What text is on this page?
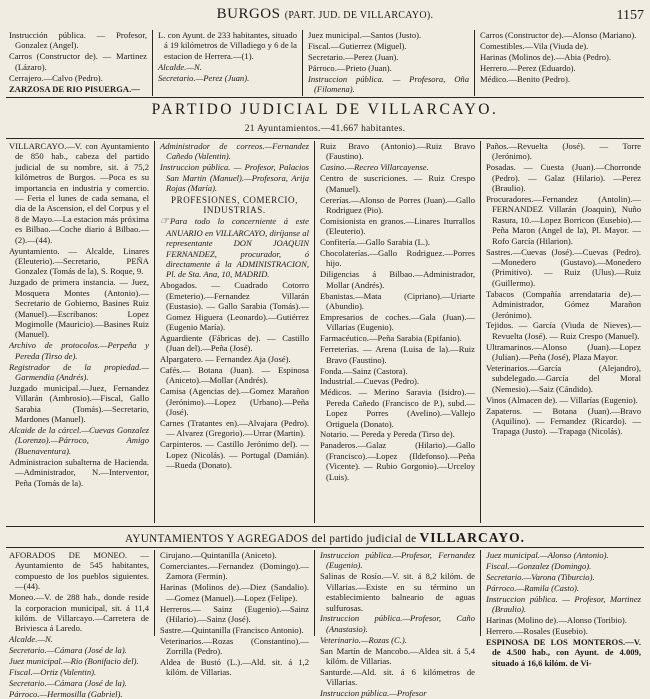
BURGOS (PART. JUD. DE VILLARCAYO).	1157

Instrucción pública. — Profesor, Gonzalez (Angel).

Carros (Constructor de). — Martinez (Lázaro).

Cerrajero.—Calvo (Pedro).

ZARZOSA DE RIO PISUERGA.—

L. con Ayunt. de 233 habitantes, situado á 19 kilómetros de Villadiego y 6 de la estacion de Herrera.—(1).

Alcalde.—N.

Secretario.—Perez (Juan).

Juez municipal.—Santos (Justo).

Fiscal.—Gutierrez (Miguel).

Secretario.—Perez (Juan).

Párroco.—Prieto (Juan).

Instruccion pública. — Profesora, Oña (Filomena).

Carros (Constructor de).—Alonso (Mariano).

Comestibles.—Vila (Viuda de).

Harinas (Molinos de).—Abia (Pedro).

Herrero.—Perez (Eduardo).

Médico.—Benito (Pedro).

PARTIDO JUDICIAL DE VILLARCAYO.
21 Ayuntamientos.—41.667 habitantes.

VILLARCAYO.—V. con Ayuntamiento de 850 hab., cabeza del partido judicial de su nombre, sit. á 75,2 kilómetros de Burgos. —Poca es su importancia en industria y comercio. — Feria el lunes de cada semana, el dia de la Ascension, el del Corpus y el 8 de Mayo.—La estacion más próxima es Bilbao.—Coche diario á Bilbao.—(2).—(44).

Ayuntamiento. — Alcalde, Linares (Eleuterio).—Secretario, PEÑA Gonzalez (Tomás de la), S. Roque, 9.

Juzgado de primera instancia. — Juez, Mosquera Montes (Antonio).—Secretario de Gobierno, Basines Ruiz (Manuel).—Escribanos: Lopez Mogimolle (Mauricio).—Basines Ruiz (Manuel).

Archivo de protocolos.—Perpeña y Pereda (Tirso de).

Registrador de la propiedad.—Garmendia (Andrés).

Juzgado municipal.—Juez, Fernandez Villarán (Ambrosio).—Fiscal, Gallo Sarabia (Tomás).—Secretario, Mardones (Manuel).

Alcaide de la cárcel.—Cuevas Gonzalez (Lorenzo).—Párroco, Amigo (Buenaventura).

Administracion subalterna de Hacienda.—Administrador, N.—Interventor, Peña (Tomás de la).

Administrador de correos.—Fernandez Cañedo (Valentin).

Instruccion pública. — Profesor, Palacios San Martin (Manuel).—Profesora, Arija Rojas (María).

PROFESIONES, COMERCIO, INDUSTRIAS.

☞Para todo lo concerniente á este ANUARIO en VILLARCAYO, diríjanse al representante DON JOAQUIN FERNANDEZ, procurador, ó directamente á la ADMINISTRACION, Pl. de Sta. Ana, 10, MADRID.

Abogados. — Cuadrado Cotorro (Emeterio).—Fernandez Villarán (Eustasio). — Gallo Sarabia (Tomás).—Gomez Higuera (Leonardo).—Gutiérrez (Eugenio María).

Aguardiente (Fábricas de). — Castillo (Juan del).—Peña (José).

Alpargatero. — Fernandez Aja (José).

Cafés.— Botana (Juan). — Espinosa (Aniceto).—Mollar (Andrés).

Camisa (Agencias de).—Gomez Marañon (Jerónimo).—Lopez (Urbano).—Peña (José).

Carnes (Tratantes en).—Alvajara (Pedro). — Alvarez (Gregorio).—Urrar (Martin).

Carpinteros. — Castillo Jerónimo del). — Lopez (Nicolás). — Portugal (Damián).—Rueda (Donato).

Ruiz Bravo (Antonio).—Ruiz Bravo (Faustino).

Casino.—Recreo Villarcayense.

Centro de suscriciones. — Ruiz Crespo (Manuel).

Cererías.—Alonso de Porres (Juan).—Gallo Rodriguez (Pio).

Comisionista en granos.—Linares Iturrallos (Eleuterio).

Confitería.—Gallo Sarabia (L.).

Chocolaterías.—Gallo Rodriguez.—Porres hijo.

Diligencias á Bilbao.—Administrador, Mollar (Andrés).

Ebanistas.—Mata (Cipriano).—Uriarte (Abundio).

Empresarios de coches.—Gala (Juan).—Villarias (Eugenio).

Farmacéutico.—Peña Sarabia (Epifanio).

Ferreterías. — Arena (Luisa de la).—Ruiz Bravo (Faustino).

Fonda.—Sainz (Castora).

Industrial.—Cuevas (Pedro).

Médicos. — Merino Saravia (Isidro).—Pereda Cañedo (Francisco de P.), subd.—Lopez Porres (Avelino).—Vallejo Ortiguela (Donato).

Notario. — Pereda y Pereda (Tirso de).

Panaderos.—Galaz (Hilario).—Gallo (Francisco).—Lopez (Ildefonso).—Peña (Vicente). — Rubio Gorgonio).—Urceloy (Luis).

Paños.—Revuelta (José). — Torre (Jerónimo).

Posadas. — Cuesta (Juan).—Chorronde (Pedro). — Galaz (Hilario). —Perez (Braulio).

Procuradores.—Fernandez (Antolin).—FERNANDEZ Villarán (Joaquin), Nuño Rasura, 10.—Lopez Borricon (Eusebio).—Peña Maron (Angel de la), Pl. Mayor. —Rofo García (Hilarion).

Sastres.—Cuevas (José).—Cuevas (Pedro).—Monedero (Gustavo).—Monedero (Primitivo). — Ruiz (Ulus).—Ruiz (Guillermo).

Tabacos (Compañía arrendataria de).—Administrador, Gómez Marañon (Jerónimo).

Tejidos. — García (Viuda de Nieves).—Revuelta (José). — Ruiz Crespo (Manuel).

Ultramarinos.—Alonso (Juan).—Lopez (Julian).—Peña (José), Plaza Mayor.

Veterinarios.—García (Alejandro), subdelegado.—García del Moral (Nemesio).—Saiz (Cándido).

Vinos (Almacen de). — Villarías (Eugenio).

Zapateros. — Botana (Juan).—Bravo (Aquilino). — Fernandez (Ricardo). — Trapaga (Justo). —Trapaga (Nicolás).

AYUNTAMIENTOS Y AGREGADOS del partido judicial de VILLARCAYO.

AFORADOS DE MONEO. — Ayuntamiento de 545 habitantes, compuesto de los pueblos siguientes. —(44).

Moneo.—V. de 288 hab., donde reside la corporacion municipal, sit. á 11,4 kilóm. de Villarcayo.—Carretera de Briviesca á Laredo.

Alcalde.—N.

Secretario.—Cámara (José de la).

Juez municipal.—Rio (Bonifacio del).

Fiscal.—Ortiz (Valentin).

Secretario.—Cámara (José de la).

Párroco.—Hermosilla (Gabriel).

Cirujano.—Quintanilla (Aniceto).

Comerciantes.—Fernandez (Domingo).—Zamora (Fermin).

Harinas (Molinos de).—Diez (Sandalio).—Gomez (Manuel).—Lopez (Felipe).

Herreros.— Sainz (Eugenio).—Sainz (Hilario).—Sainz (José).

Sastre.—Quintanilla (Francisco Antonio).

Veterinarios.—Rozas (Constantino).—Zorrilla (Pedro).

Aldea de Bustó (L.).—Ald. sit. á 1,2 kilóm. de Villarias.

Instruccion pública.—Profesor, Fernandez (Eugenio).

Salinas de Rosío.—V. sit. á 8,2 kilóm. de Villarias.—Existe en su término un establecimiento balneario de aguas sulfurosas.

Instruccion pública.—Profesor, Caño (Anastasio).

Veterinario.—Rozas (C.).

San Martín de Mancobo.—Aldea sit. á 5,4 kilóm. de Villarias.

Santurde.—Ald. sit. á 6 kilómetros de Villarias.

Instruccion pública.—Profesor

Juez municipal.—Alonso (Antonio).

Fiscal.—Gonzalez (Domingo).

Secretario.—Varona (Tiburcio).

Párroco.—Ramila (Casto).

Instruccion pública. — Profesor, Martinez (Braulio).

Harinas (Molino de).—Alonso (Toribio).

Herrero.—Rosales (Eusebio).

ESPINOSA DE LOS MONTEROS.—V. de 4.500 hab., con Ayunt. de 4.009, situado á 16,6 kilóm. de Vi-
